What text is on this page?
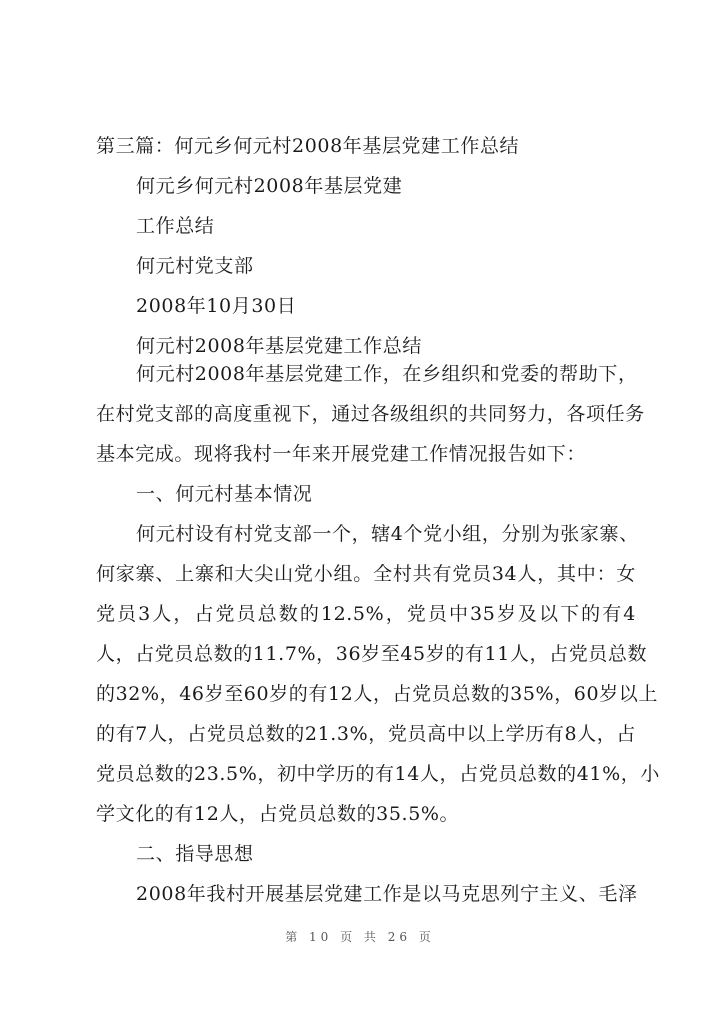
第三篇：何元乡何元村2008年基层党建工作总结
何元乡何元村2008年基层党建
工作总结
何元村党支部
2008年10月30日
何元村2008年基层党建工作总结
何元村2008年基层党建工作，在乡组织和党委的帮助下，
在村党支部的高度重视下，通过各级组织的共同努力，各项任务
基本完成。现将我村一年来开展党建工作情况报告如下：
一、何元村基本情况
何元村设有村党支部一个，辖4个党小组，分别为张家寨、
何家寨、上寨和大尖山党小组。全村共有党员34人，其中：女
党员3人，占党员总数的12.5%，党员中35岁及以下的有4
人，占党员总数的11.7%，36岁至45岁的有11人，占党员总数
的32%，46岁至60岁的有12人，占党员总数的35%，60岁以上
的有7人，占党员总数的21.3%，党员高中以上学历有8人，占
党员总数的23.5%，初中学历的有14人，占党员总数的41%，小
学文化的有12人，占党员总数的35.5%。
二、指导思想
2008年我村开展基层党建工作是以马克思列宁主义、毛泽
第 10 页 共 26 页
